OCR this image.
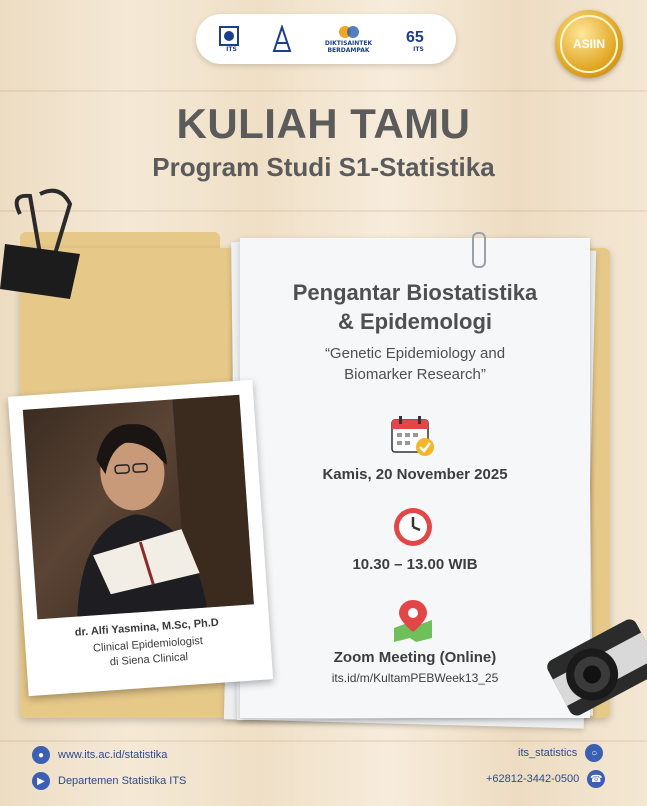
ITS
DIKTISAINTEK BERDAMPAK
65
ITS	ASIIN
KULIAH TAMU
Program Studi S1-Statistika
Pengantar Biostatistika
& Epidemologi
“Genetic Epidemiology and
Biomarker Research”
Kamis, 20 November 2025
10.30 – 13.00 WIB
Zoom Meeting (Online)
its.id/m/KultamPEBWeek13_25
dr. Alfi Yasmina, M.Sc, Ph.D
Clinical Epidemiologist
di Siena Clinical
●	www.its.ac.id/statistika
▶	Departemen Statistika ITS
its_statistics	○
+62812-3442-0500 ☎
